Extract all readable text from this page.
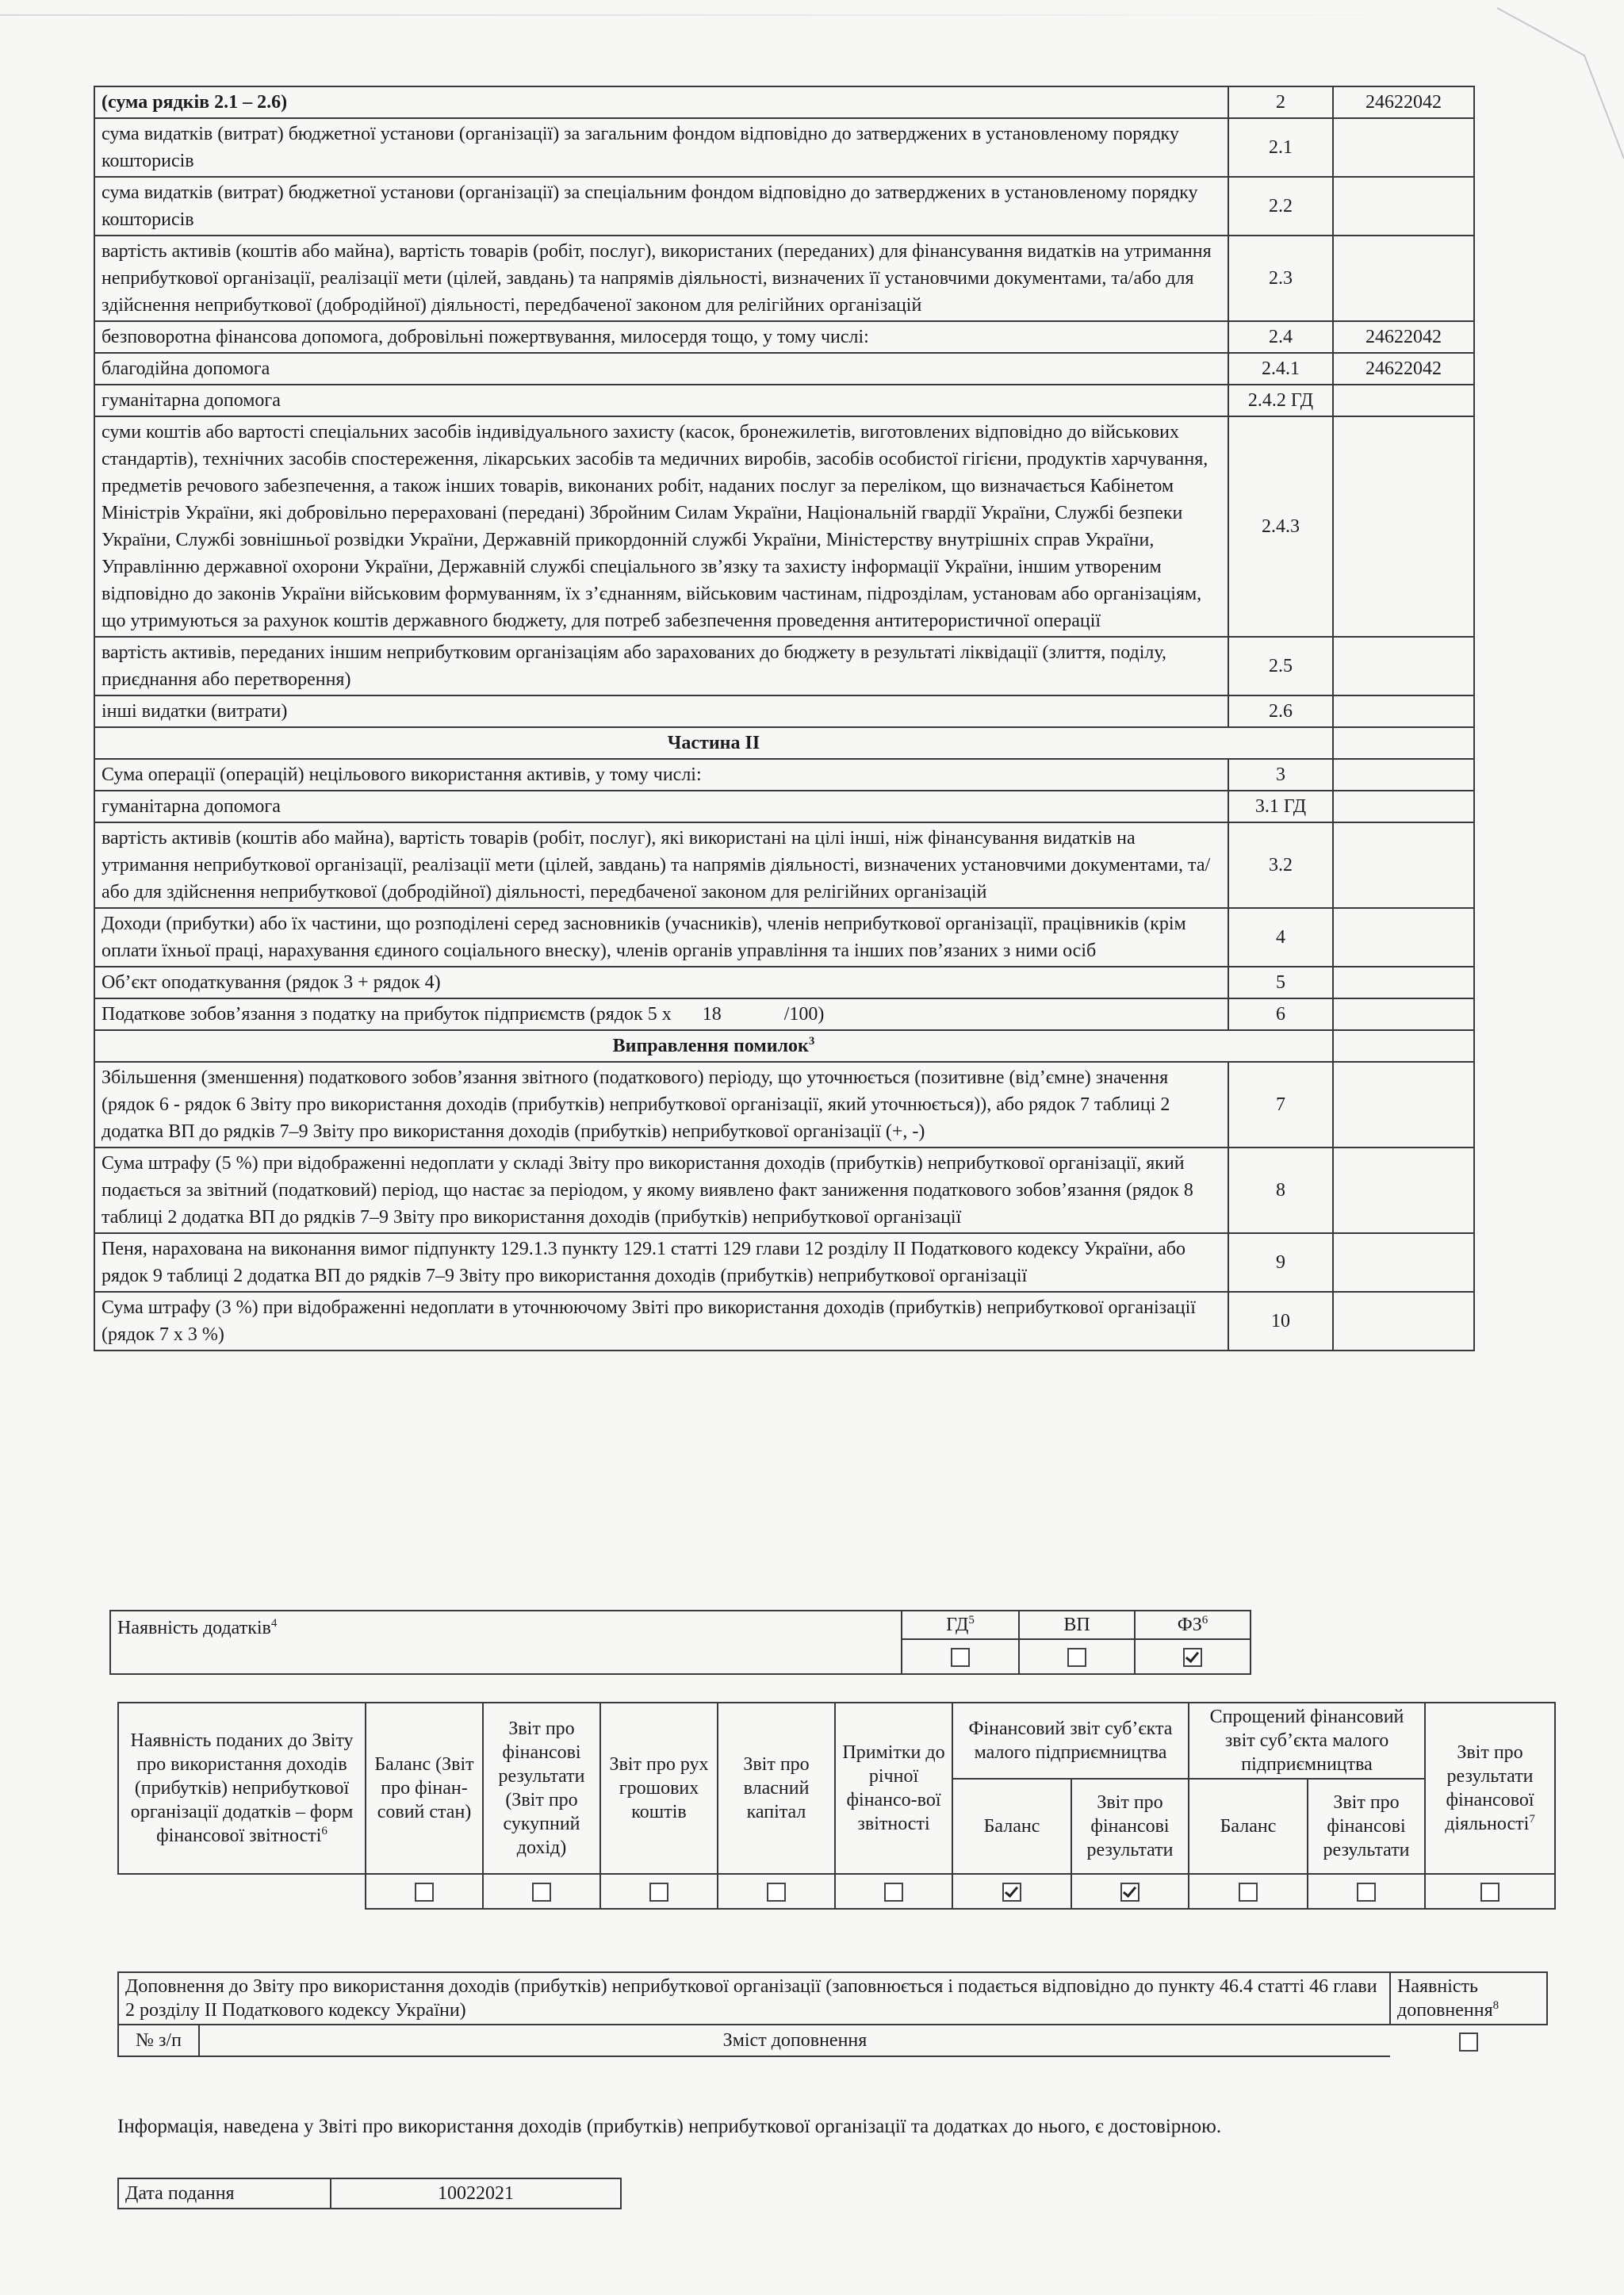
(сума рядків 2.1 – 2.6)	2	24622042	
сума видатків (витрат) бюджетної установи (організації) за загальним фондом відповідно до затверджених в установленому порядку кошторисів	2.1		
сума видатків (витрат) бюджетної установи (організації) за спеціальним фондом відповідно до затверджених в установленому порядку кошторисів	2.2		
вартість активів (коштів або майна), вартість товарів (робіт, послуг), використаних (переданих) для фінансування видатків на утримання неприбуткової організації, реалізації мети (цілей, завдань) та напрямів діяльності, визначених її установчими документами, та/або для здійснення неприбуткової (добродійної) діяльності, передбаченої законом для релігійних організацій	2.3		
безповоротна фінансова допомога, добровільні пожертвування, милосердя тощо, у тому числі:	2.4	24622042	
благодійна допомога	2.4.1	24622042	
гуманітарна допомога	2.4.2 ГД		
суми коштів або вартості спеціальних засобів індивідуального захисту (касок, бронежилетів, виготовлених відповідно до військових стандартів), технічних засобів спостереження, лікарських засобів та медичних виробів, засобів особистої гігієни, продуктів харчування, предметів речового забезпечення, а також інших товарів, виконаних робіт, наданих послуг за переліком, що визначається Кабінетом Міністрів України, які добровільно перераховані (передані) Збройним Силам України, Національній гвардії України, Службі безпеки України, Службі зовнішньої розвідки України, Державній прикордонній службі України, Міністерству внутрішніх справ України, Управлінню державної охорони України, Державній службі спеціального зв’язку та захисту інформації України, іншим утвореним відповідно до законів України військовим формуванням, їх з’єднанням, військовим частинам, підрозділам, установам або організаціям, що утримуються за рахунок коштів державного бюджету, для потреб забезпечення проведення антитерористичної операції	2.4.3		
вартість активів, переданих іншим неприбутковим організаціям або зарахованих до бюджету в результаті ліквідації (злиття, поділу, приєднання або перетворення)	2.5		
інші видатки (витрати)	2.6		
Частина II			
Сума операції (операцій) нецільового використання активів, у тому числі:	3		
гуманітарна допомога	3.1 ГД		
вартість активів (коштів або майна), вартість товарів (робіт, послуг), які використані на цілі інші, ніж фінансування видатків на утримання неприбуткової організації, реалізації мети (цілей, завдань) та напрямів діяльності, визначених установчими документами, та/або для здійснення неприбуткової (добродійної) діяльності, передбаченої законом для релігійних організацій	3.2		
Доходи (прибутки) або їх частини, що розподілені серед засновників (учасників), членів неприбуткової організації, працівників (крім оплати їхньої праці, нарахування єдиного соціального внеску), членів органів управління та інших пов’язаних з ними осіб	4		
Об’єкт оподаткування (рядок 3 + рядок 4)	5		
Податкове зобов’язання з податку на прибуток підприємств (рядок 5 х 18 /100)	6		
Виправлення помилок$^3$		
Збільшення (зменшення) податкового зобов’язання звітного (податкового) періоду, що уточнюється (позитивне (від’ємне) значення (рядок 6 - рядок 6 Звіту про використання доходів (прибутків) неприбуткової організації, який уточнюється)), або рядок 7 таблиці 2 додатка ВП до рядків 7–9 Звіту про використання доходів (прибутків) неприбуткової організації (+, -)	7		
Сума штрафу (5 %) при відображенні недоплати у складі Звіту про використання доходів (прибутків) неприбуткової організації, який подається за звітний (податковий) період, що настає за періодом, у якому виявлено факт заниження податкового зобов’язання (рядок 8 таблиці 2 додатка ВП до рядків 7–9 Звіту про використання доходів (прибутків) неприбуткової організації	8		
Пеня, нарахована на виконання вимог підпункту 129.1.3 пункту 129.1 статті 129 глави 12 розділу II Податкового кодексу України, або рядок 9 таблиці 2 додатка ВП до рядків 7–9 Звіту про використання доходів (прибутків) неприбуткової організації	9		
Сума штрафу (3 %) при відображенні недоплати в уточнюючому Звіті про використання доходів (прибутків) неприбуткової організації (рядок 7 х 3 %)	10		
Наявність додатків$^4$	$ГД^5$	ВП	$ФЗ^6$

Наявність поданих до Звіту про використання доходів (прибутків) неприбуткової організації додатків – форм фінансової звітності$^6$	Баланс (Звіт про фінан-совий стан)	Звіт про фінансові результати (Звіт про сукупний дохід)	Звіт про рух грошових коштів	Звіт про власний капітал	Примітки до річної фінансо-вої звітності	Фінансовий звіт суб’єкта малого підприємництва		Спрощений фінансовий звіт суб’єкта малого підприємництва		Звіт про результати фінансової діяльності$^7$
						Баланс	Звіт про фінансові результати	Баланс	Звіт про фінансові результати	

Доповнення до Звіту про використання доходів (прибутків) неприбуткової організації (заповнюється і подається відповідно до пункту 46.4 статті 46 глави 2 розділу II Податкового кодексу України)		Наявність доповнення$^8$
№ з/п	Зміст доповнення	
Інформація, наведена у Звіті про використання доходів (прибутків) неприбуткової організації та додатках до нього, є достовірною.
Дата подання	10022021
